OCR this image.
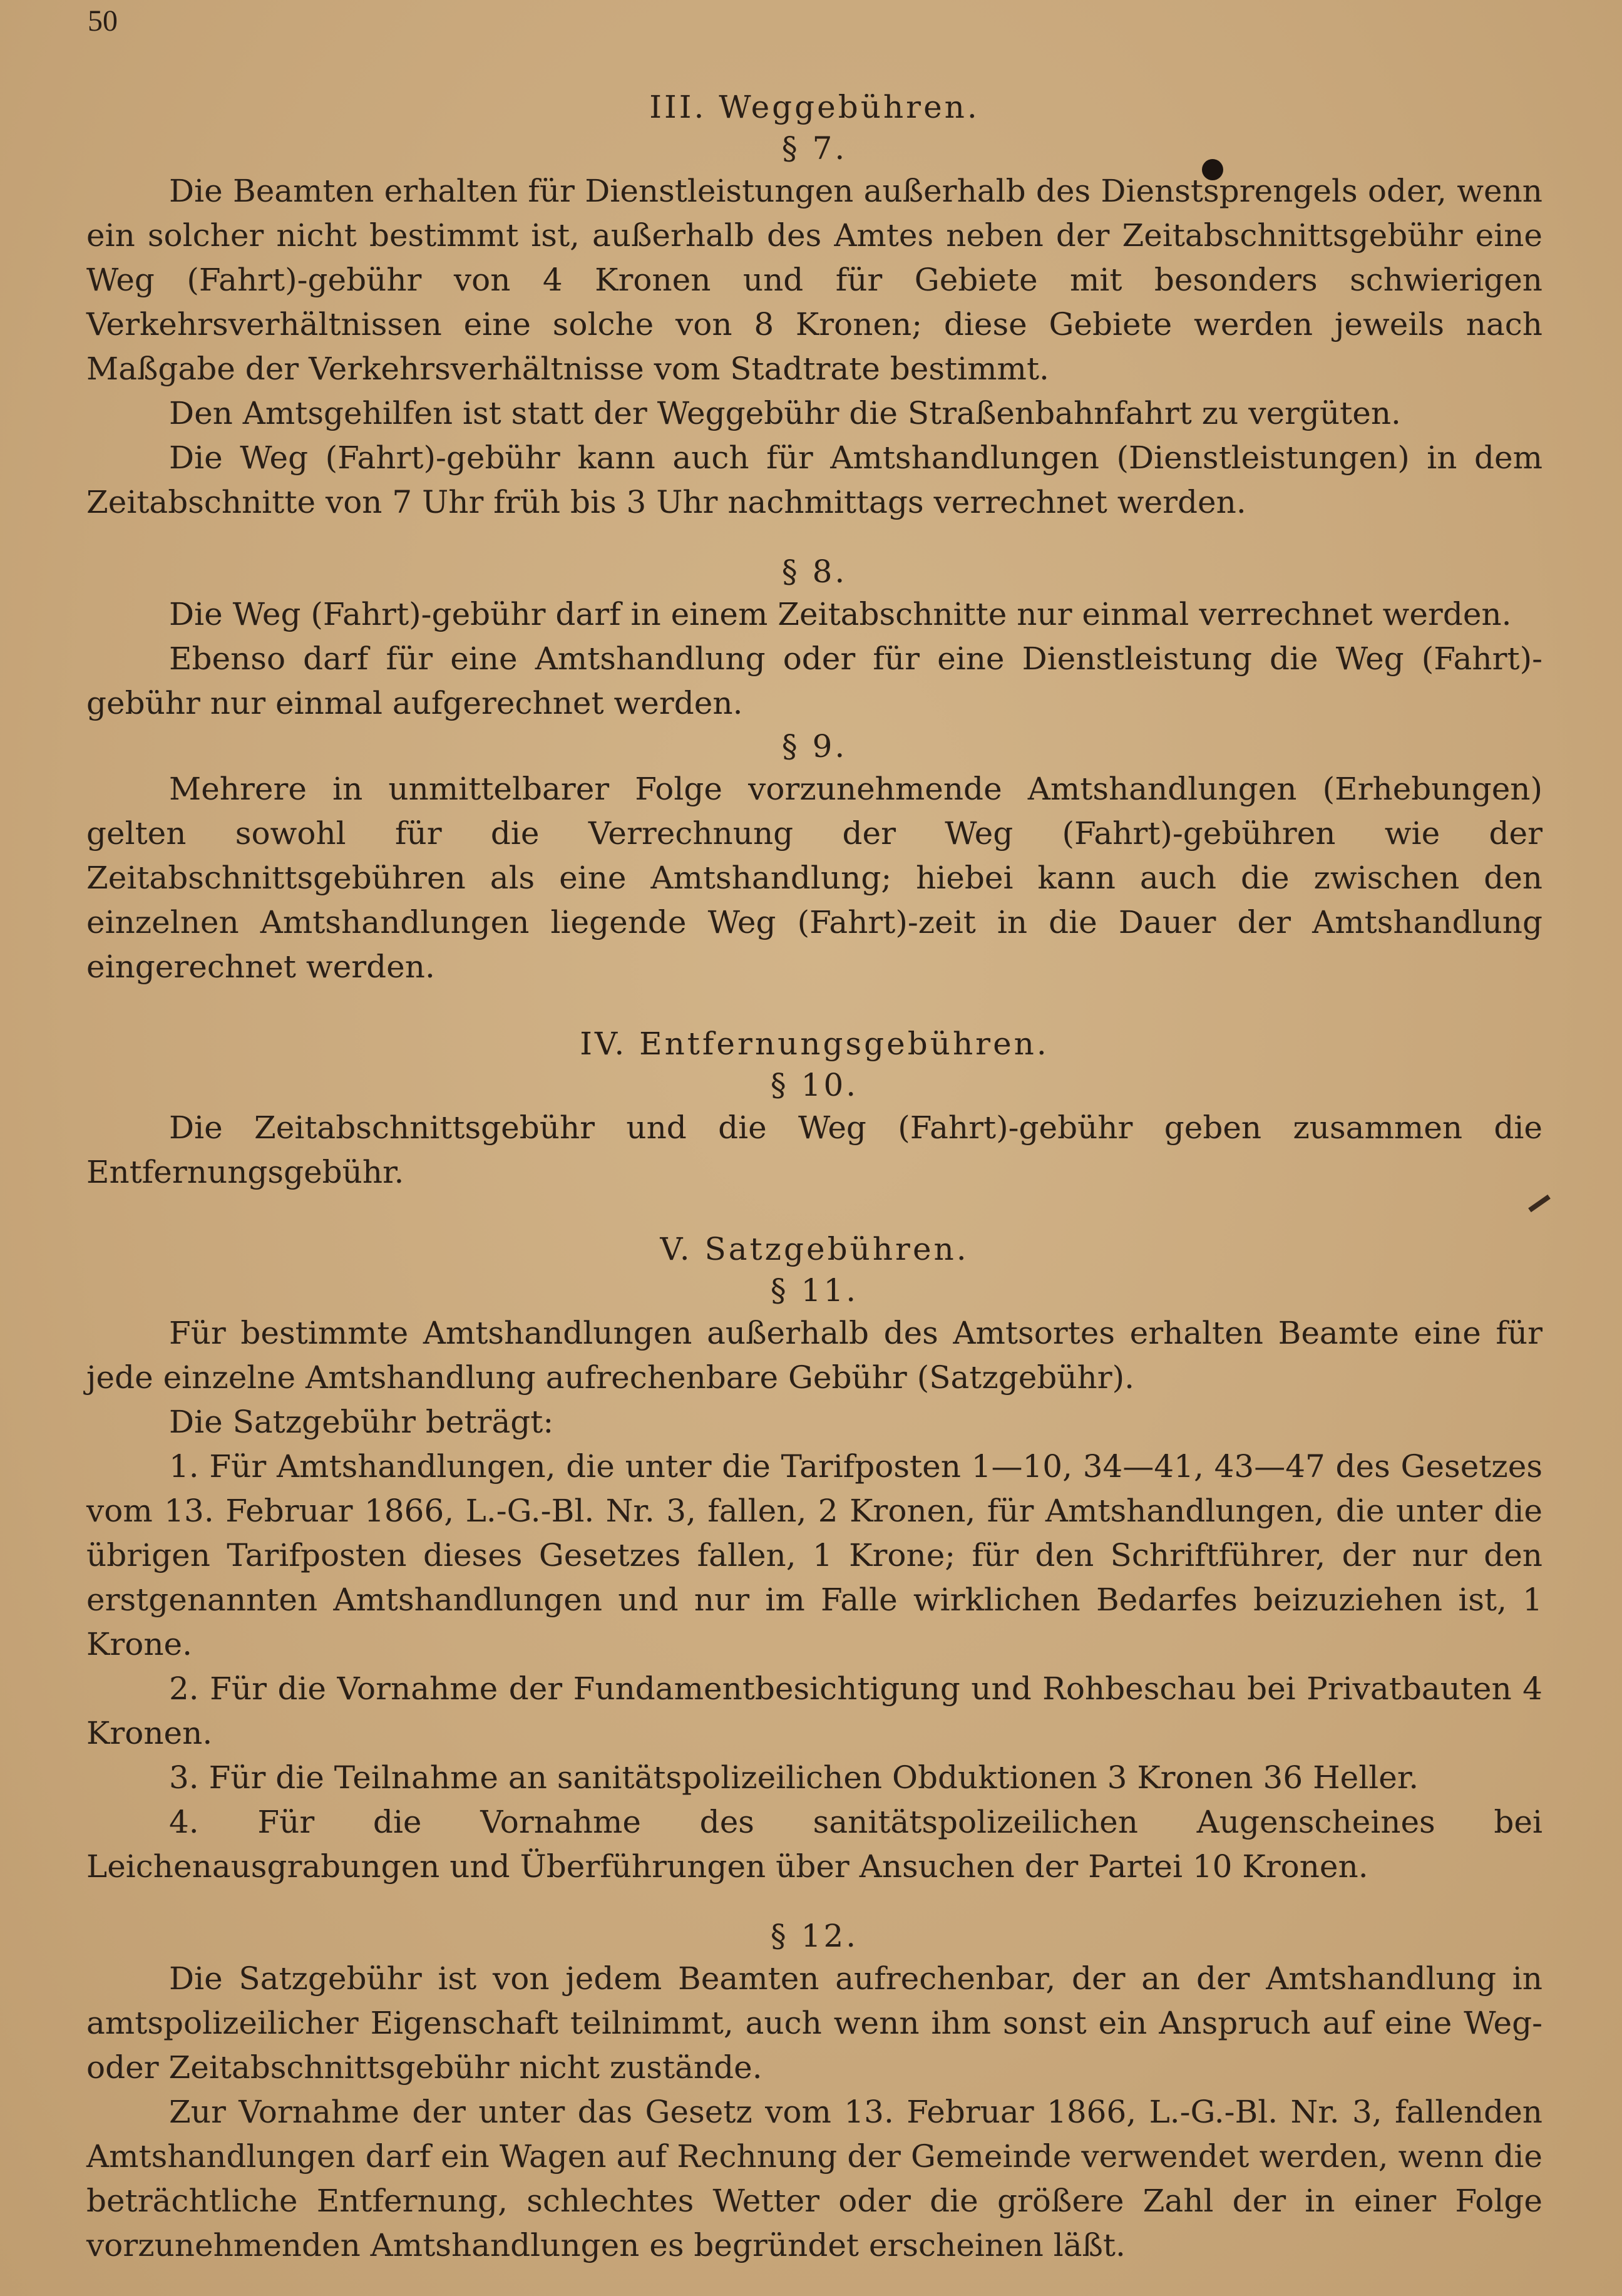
50

III. Weggebühren.

§ 7.

Die Beamten erhalten für Dienstleistungen außerhalb des Dienstsprengels oder, wenn ein solcher nicht bestimmt ist, außerhalb des Amtes neben der Zeitabschnittsgebühr eine Weg (Fahrt)-gebühr von 4 Kronen und für Gebiete mit besonders schwierigen Verkehrsverhältnissen eine solche von 8 Kronen; diese Gebiete werden jeweils nach Maßgabe der Verkehrsverhältnisse vom Stadtrate bestimmt.

Den Amtsgehilfen ist statt der Weggebühr die Straßenbahnfahrt zu vergüten.

Die Weg (Fahrt)-gebühr kann auch für Amtshandlungen (Dienstleistungen) in dem Zeitabschnitte von 7 Uhr früh bis 3 Uhr nachmittags verrechnet werden.

§ 8.

Die Weg (Fahrt)-gebühr darf in einem Zeitabschnitte nur einmal verrechnet werden.

Ebenso darf für eine Amtshandlung oder für eine Dienstleistung die Weg (Fahrt)-gebühr nur einmal aufgerechnet werden.

§ 9.

Mehrere in unmittelbarer Folge vorzunehmende Amtshandlungen (Erhebungen) gelten sowohl für die Verrechnung der Weg (Fahrt)-gebühren wie der Zeitabschnittsgebühren als eine Amtshandlung; hiebei kann auch die zwischen den einzelnen Amtshandlungen liegende Weg (Fahrt)-zeit in die Dauer der Amtshandlung eingerechnet werden.

IV. Entfernungsgebühren.

§ 10.

Die Zeitabschnittsgebühr und die Weg (Fahrt)-gebühr geben zusammen die Entfernungsgebühr.

V. Satzgebühren.

§ 11.

Für bestimmte Amtshandlungen außerhalb des Amtsortes erhalten Beamte eine für jede einzelne Amtshandlung aufrechenbare Gebühr (Satzgebühr).

Die Satzgebühr beträgt:

1. Für Amtshandlungen, die unter die Tarifposten 1—10, 34—41, 43—47 des Gesetzes vom 13. Februar 1866, L.-G.-Bl. Nr. 3, fallen, 2 Kronen, für Amtshandlungen, die unter die übrigen Tarifposten dieses Gesetzes fallen, 1 Krone; für den Schriftführer, der nur den erstgenannten Amtshandlungen und nur im Falle wirklichen Bedarfes beizuziehen ist, 1 Krone.

2. Für die Vornahme der Fundamentbesichtigung und Rohbeschau bei Privatbauten 4 Kronen.

3. Für die Teilnahme an sanitätspolizeilichen Obduktionen 3 Kronen 36 Heller.

4. Für die Vornahme des sanitätspolizeilichen Augenscheines bei Leichenausgrabungen und Überführungen über Ansuchen der Partei 10 Kronen.

§ 12.

Die Satzgebühr ist von jedem Beamten aufrechenbar, der an der Amtshandlung in amtspolizeilicher Eigenschaft teilnimmt, auch wenn ihm sonst ein Anspruch auf eine Weg- oder Zeitabschnittsgebühr nicht zustände.

Zur Vornahme der unter das Gesetz vom 13. Februar 1866, L.-G.-Bl. Nr. 3, fallenden Amtshandlungen darf ein Wagen auf Rechnung der Gemeinde verwendet werden, wenn die beträchtliche Entfernung, schlechtes Wetter oder die größere Zahl der in einer Folge vorzunehmenden Amtshandlungen es begründet erscheinen läßt.
